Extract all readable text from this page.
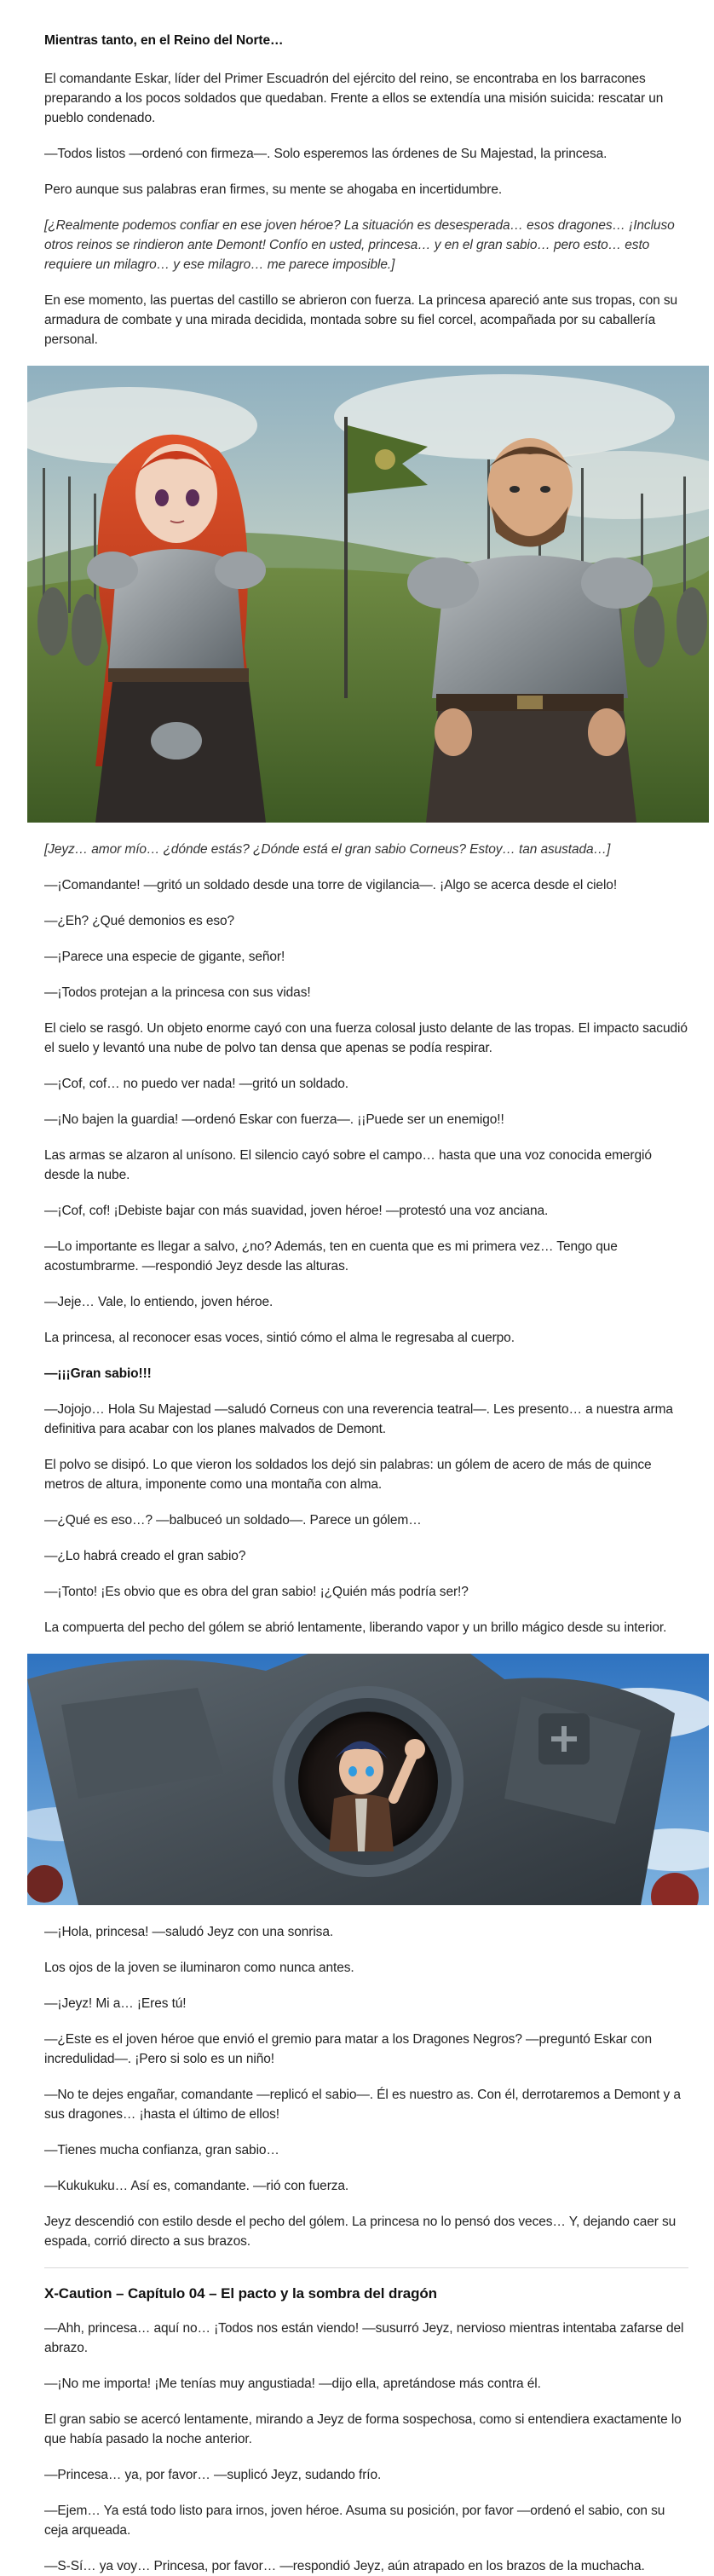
Mientras tanto, en el Reino del Norte…

El comandante Eskar, líder del Primer Escuadrón del ejército del reino, se encontraba en los barracones preparando a los pocos soldados que quedaban. Frente a ellos se extendía una misión suicida: rescatar un pueblo condenado.

—Todos listos —ordenó con firmeza—. Solo esperemos las órdenes de Su Majestad, la princesa.

Pero aunque sus palabras eran firmes, su mente se ahogaba en incertidumbre.

[¿Realmente podemos confiar en ese joven héroe? La situación es desesperada… esos dragones… ¡Incluso otros reinos se rindieron ante Demont! Confío en usted, princesa… y en el gran sabio… pero esto… esto requiere un milagro… y ese milagro… me parece imposible.]

En ese momento, las puertas del castillo se abrieron con fuerza. La princesa apareció ante sus tropas, con su armadura de combate y una mirada decidida, montada sobre su fiel corcel, acompañada por su caballería personal.

[Jeyz… amor mío… ¿dónde estás? ¿Dónde está el gran sabio Corneus? Estoy… tan asustada…]

—¡Comandante! —gritó un soldado desde una torre de vigilancia—. ¡Algo se acerca desde el cielo!

—¿Eh? ¿Qué demonios es eso?

—¡Parece una especie de gigante, señor!

—¡Todos protejan a la princesa con sus vidas!

El cielo se rasgó. Un objeto enorme cayó con una fuerza colosal justo delante de las tropas. El impacto sacudió el suelo y levantó una nube de polvo tan densa que apenas se podía respirar.

—¡Cof, cof… no puedo ver nada! —gritó un soldado.

—¡No bajen la guardia! —ordenó Eskar con fuerza—. ¡¡Puede ser un enemigo!!

Las armas se alzaron al unísono. El silencio cayó sobre el campo… hasta que una voz conocida emergió desde la nube.

—¡Cof, cof! ¡Debiste bajar con más suavidad, joven héroe! —protestó una voz anciana.

—Lo importante es llegar a salvo, ¿no? Además, ten en cuenta que es mi primera vez… Tengo que acostumbrarme. —respondió Jeyz desde las alturas.

—Jeje… Vale, lo entiendo, joven héroe.

La princesa, al reconocer esas voces, sintió cómo el alma le regresaba al cuerpo.

—¡¡¡Gran sabio!!!

—Jojojo… Hola Su Majestad —saludó Corneus con una reverencia teatral—. Les presento… a nuestra arma definitiva para acabar con los planes malvados de Demont.

El polvo se disipó. Lo que vieron los soldados los dejó sin palabras: un gólem de acero de más de quince metros de altura, imponente como una montaña con alma.

—¿Qué es eso…? —balbuceó un soldado—. Parece un gólem…

—¿Lo habrá creado el gran sabio?

—¡Tonto! ¡Es obvio que es obra del gran sabio! ¡¿Quién más podría ser!?

La compuerta del pecho del gólem se abrió lentamente, liberando vapor y un brillo mágico desde su interior.

—¡Hola, princesa! —saludó Jeyz con una sonrisa.

Los ojos de la joven se iluminaron como nunca antes.

—¡Jeyz! Mi a… ¡Eres tú!

—¿Este es el joven héroe que envió el gremio para matar a los Dragones Negros? —preguntó Eskar con incredulidad—. ¡Pero si solo es un niño!

—No te dejes engañar, comandante —replicó el sabio—. Él es nuestro as. Con él, derrotaremos a Demont y a sus dragones… ¡hasta el último de ellos!

—Tienes mucha confianza, gran sabio…

—Kukukuku… Así es, comandante. —rió con fuerza.

Jeyz descendió con estilo desde el pecho del gólem. La princesa no lo pensó dos veces… Y, dejando caer su espada, corrió directo a sus brazos.

X-Caution – Capítulo 04 – El pacto y la sombra del dragón

—Ahh, princesa… aquí no… ¡Todos nos están viendo! —susurró Jeyz, nervioso mientras intentaba zafarse del abrazo.

—¡No me importa! ¡Me tenías muy angustiada! —dijo ella, apretándose más contra él.

El gran sabio se acercó lentamente, mirando a Jeyz de forma sospechosa, como si entendiera exactamente lo que había pasado la noche anterior.

—Princesa… ya, por favor… —suplicó Jeyz, sudando frío.

—Ejem… Ya está todo listo para irnos, joven héroe. Asuma su posición, por favor —ordenó el sabio, con su ceja arqueada.

—S-Sí… ya voy… Princesa, por favor… —respondió Jeyz, aún atrapado en los brazos de la muchacha.
